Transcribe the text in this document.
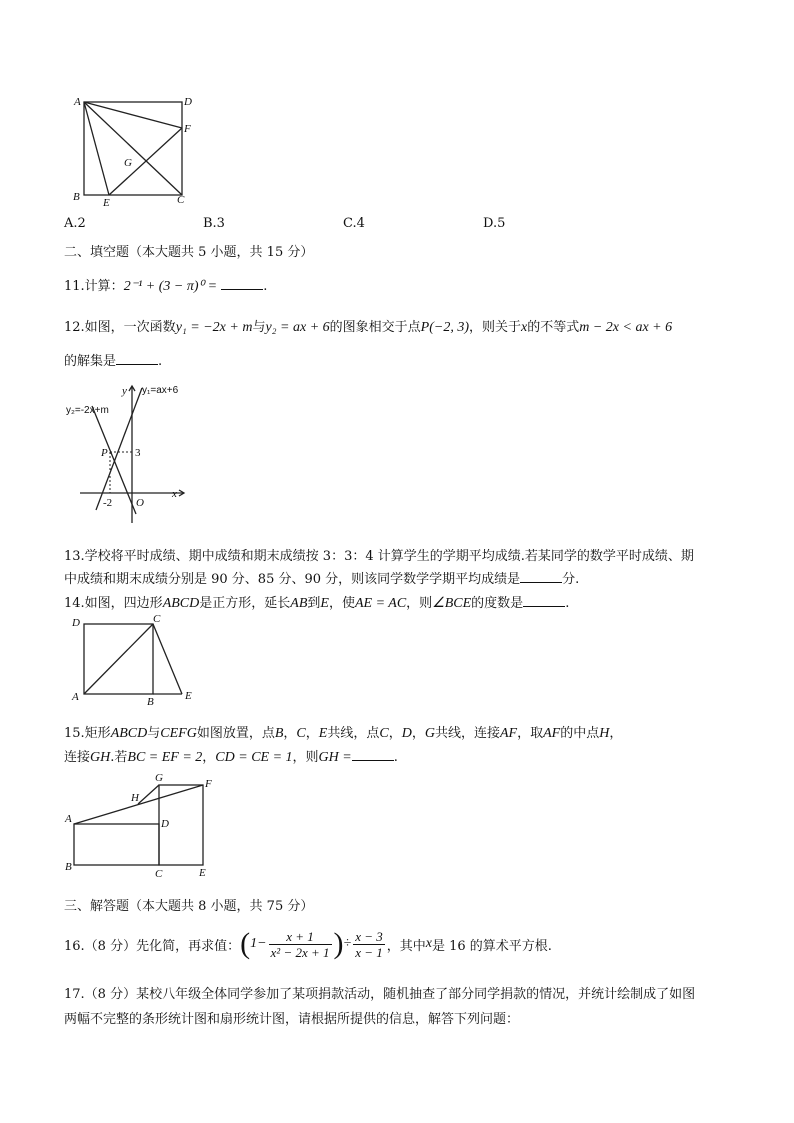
A	D
F
G
B E	C
A.2	B.3	C.4	D.5
二、填空题（本大题共 5 小题，共 15 分）
11.计算：2⁻¹ + (3 − π)⁰ =	.
12.如图，一次函数y₁ = −2x + m与y₂ = ax + 6的图象相交于点P(−2, 3)，则关于x的不等式m − 2x < ax + 6
的解集是	.
y₁=ax+6
y₂=-2x+m
y
x
P 3
-2 O
13.学校将平时成绩、期中成绩和期末成绩按 3：3：4 计算学生的学期平均成绩.若某同学的数学平时成绩、期
中成绩和期末成绩分别是 90 分、85 分、90 分，则该同学数学学期平均成绩是	分.
14.如图，四边形ABCD是正方形，延长AB到E，使AE = AC，则∠BCE的度数是	.
D	C
A	B	E
15.矩形ABCD与CEFG如图放置，点B，C，E共线，点C，D，G共线，连接AF，取AF的中点H，
连接GH.若BC = EF = 2，CD = CE = 1，则GH =	.
G	F
H
A	D
B
C	E
三、解答题（本大题共 8 小题，共 75 分）
16.（8 分）先化简，再求值： ( $1- \frac{x + 1}{\text{x² − 2x + 1}}$ ) ÷ $\frac{x - 3}{x - 1}$ ，其中 x 是 16 的算术平方根.
17.（8 分）某校八年级全体同学参加了某项捐款活动，随机抽查了部分同学捐款的情况，并统计绘制成了如图
两幅不完整的条形统计图和扇形统计图，请根据所提供的信息，解答下列问题：
